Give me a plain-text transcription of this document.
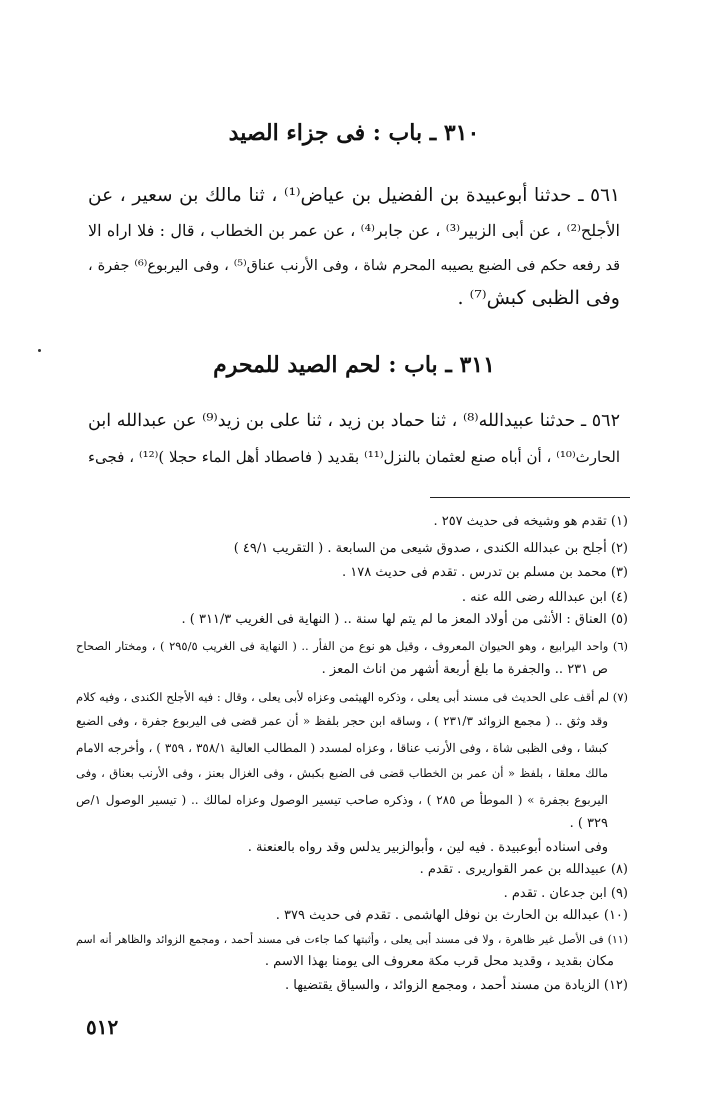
٣١٠ ـ باب : فى جزاء الصيد
٥٦١ ـ حدثنا أبوعبيدة بن الفضيل بن عياض⁽¹⁾ ، ثنا مالك بن سعير ، عن
الأجلح⁽²⁾ ، عن أبى الزبير⁽³⁾ ، عن جابر⁽⁴⁾ ، عن عمر بن الخطاب ، قال : فلا اراه الا
قد رفعه حكم فى الضبع يصيبه المحرم شاة ، وفى الأرنب عناق⁽⁵⁾ ، وفى اليربوع⁽⁶⁾ جفرة ،
وفى الظبى كبش⁽⁷⁾ .
٣١١ ـ باب : لحم الصيد للمحرم
٥٦٢ ـ حدثنا عبيدالله⁽⁸⁾ ، ثنا حماد بن زيد ، ثنا على بن زيد⁽⁹⁾ عن عبدالله ابن
الحارث⁽¹⁰⁾ ، أن أباه صنع لعثمان بالنزل⁽¹¹⁾ بقديد ( فاصطاد أهل الماء حجلا )⁽¹²⁾ ، فجىء
(١) تقدم هو وشيخه فى حديث ٢٥٧ .
(٢) أجلح بن عبدالله الكندى ، صدوق شيعى من السابعة . ( التقريب ٤٩/١ )
(٣) محمد بن مسلم بن تدرس . تقدم فى حديث ١٧٨ .
(٤) ابن عبدالله رضى الله عنه .
(٥) العناق : الأنثى من أولاد المعز ما لم يتم لها سنة .. ( النهاية فى الغريب ٣١١/٣ ) .
(٦) واحد اليرابيع ، وهو الحيوان المعروف ، وقيل هو نوع من الفأر .. ( النهاية فى الغريب ٢٩٥/٥ ) ، ومختار الصحاح
ص ٢٣١ .. والجفرة ما بلغ أربعة أشهر من اناث المعز .
(٧) لم أقف على الحديث فى مسند أبى يعلى ، وذكره الهيثمى وعزاه لأبى يعلى ، وقال : فيه الأجلح الكندى ، وفيه كلام
وقد وثق .. ( مجمع الزوائد ٢٣١/٣ ) ، وساقه ابن حجر بلفظ « أن عمر قضى فى اليربوع جفرة ، وفى الضبع
كبشا ، وفى الظبى شاة ، وفى الأرنب عناقا ، وعزاه لمسدد ( المطالب العالية ٣٥٨/١ ، ٣٥٩ ) ، وأخرجه الامام
مالك معلقا ، بلفظ « أن عمر بن الخطاب قضى فى الضبع بكبش ، وفى الغزال بعنز ، وفى الأرنب بعناق ، وفى
اليربوع بجفرة » ( الموطأ ص ٢٨٥ ) ، وذكره صاحب تيسير الوصول وعزاه لمالك .. ( تيسير الوصول ١/ص
٣٢٩ ) .
وفى اسناده أبوعبيدة . فيه لين ، وأبوالزبير يدلس وقد رواه بالعنعنة .
(٨) عبيدالله بن عمر القواريرى . تقدم .
(٩) ابن جدعان . تقدم .
(١٠) عبدالله بن الحارث بن نوفل الهاشمى . تقدم فى حديث ٣٧٩ .
(١١) فى الأصل غير ظاهرة ، ولا فى مسند أبى يعلى ، وأثبتها كما جاءت فى مسند أحمد ، ومجمع الزوائد والظاهر أنه اسم
مكان بقديد ، وقديد محل قرب مكة معروف الى يومنا بهذا الاسم .
(١٢) الزيادة من مسند أحمد ، ومجمع الزوائد ، والسياق يقتضيها .
٥١٢
